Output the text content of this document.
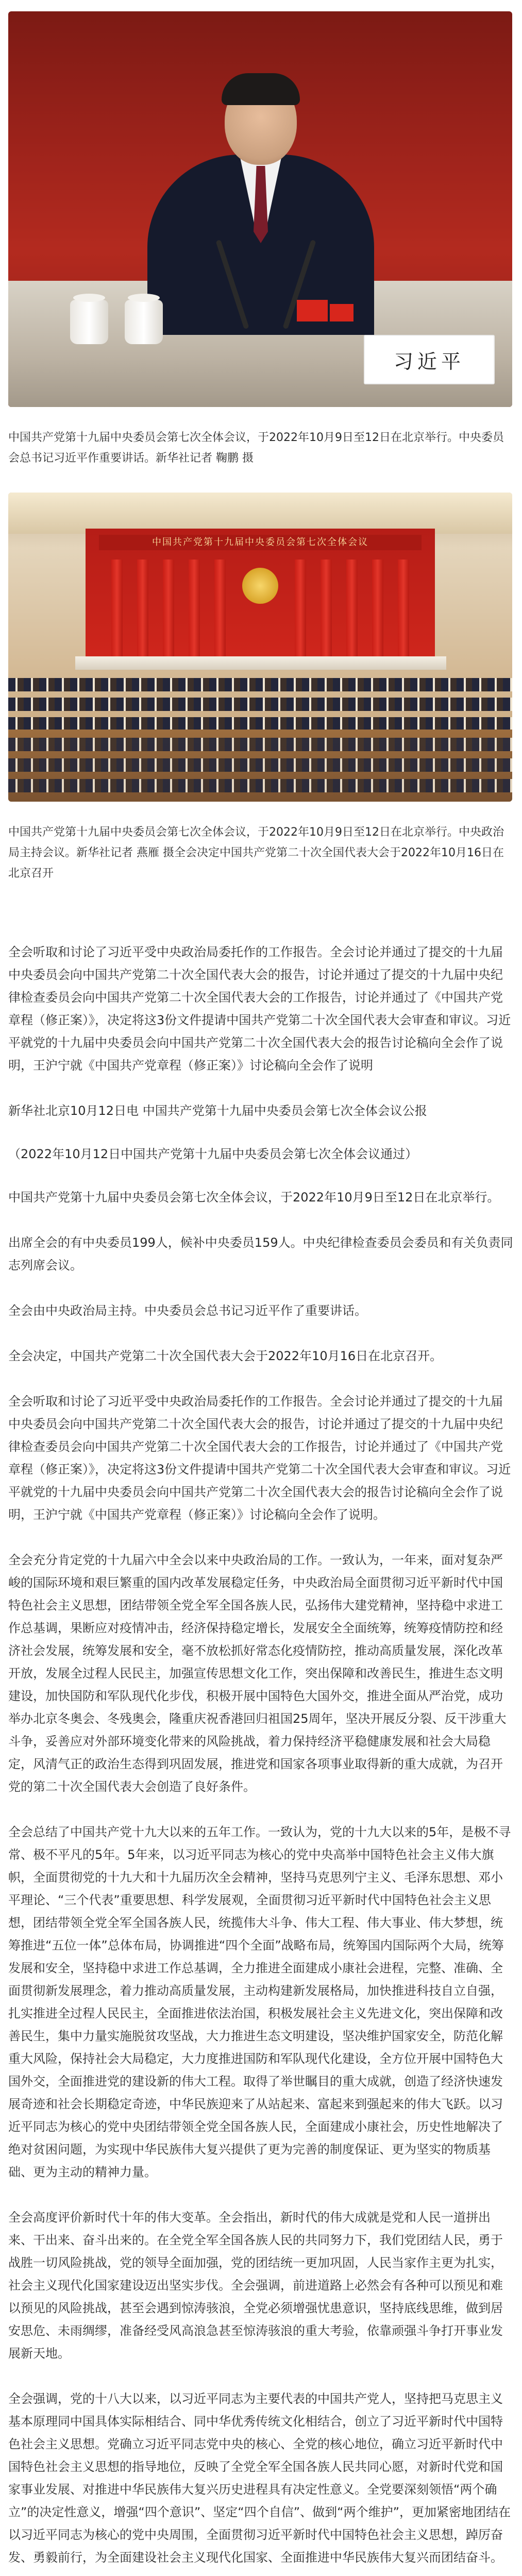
习近平

中国共产党第十九届中央委员会第七次全体会议，于2022年10月9日至12日在北京举行。中央委员会总书记习近平作重要讲话。新华社记者 鞠鹏 摄

中国共产党第十九届中央委员会第七次全体会议

中国共产党第十九届中央委员会第七次全体会议，于2022年10月9日至12日在北京举行。中央政治局主持会议。新华社记者 燕雁 摄全会决定中国共产党第二十次全国代表大会于2022年10月16日在北京召开

全会听取和讨论了习近平受中央政治局委托作的工作报告。全会讨论并通过了提交的十九届中央委员会向中国共产党第二十次全国代表大会的报告，讨论并通过了提交的十九届中央纪律检查委员会向中国共产党第二十次全国代表大会的工作报告，讨论并通过了《中国共产党章程（修正案）》，决定将这3份文件提请中国共产党第二十次全国代表大会审查和审议。习近平就党的十九届中央委员会向中国共产党第二十次全国代表大会的报告讨论稿向全会作了说明，王沪宁就《中国共产党章程（修正案）》讨论稿向全会作了说明

新华社北京10月12日电 中国共产党第十九届中央委员会第七次全体会议公报

（2022年10月12日中国共产党第十九届中央委员会第七次全体会议通过）

中国共产党第十九届中央委员会第七次全体会议，于2022年10月9日至12日在北京举行。

出席全会的有中央委员199人，候补中央委员159人。中央纪律检查委员会委员和有关负责同志列席会议。

全会由中央政治局主持。中央委员会总书记习近平作了重要讲话。

全会决定，中国共产党第二十次全国代表大会于2022年10月16日在北京召开。

全会听取和讨论了习近平受中央政治局委托作的工作报告。全会讨论并通过了提交的十九届中央委员会向中国共产党第二十次全国代表大会的报告，讨论并通过了提交的十九届中央纪律检查委员会向中国共产党第二十次全国代表大会的工作报告，讨论并通过了《中国共产党章程（修正案）》，决定将这3份文件提请中国共产党第二十次全国代表大会审查和审议。习近平就党的十九届中央委员会向中国共产党第二十次全国代表大会的报告讨论稿向全会作了说明，王沪宁就《中国共产党章程（修正案）》讨论稿向全会作了说明。

全会充分肯定党的十九届六中全会以来中央政治局的工作。一致认为，一年来，面对复杂严峻的国际环境和艰巨繁重的国内改革发展稳定任务，中央政治局全面贯彻习近平新时代中国特色社会主义思想，团结带领全党全军全国各族人民，弘扬伟大建党精神，坚持稳中求进工作总基调，果断应对疫情冲击，经济保持稳定增长，发展安全全面统筹，统筹疫情防控和经济社会发展，统筹发展和安全，毫不放松抓好常态化疫情防控，推动高质量发展，深化改革开放，发展全过程人民民主，加强宣传思想文化工作，突出保障和改善民生，推进生态文明建设，加快国防和军队现代化步伐，积极开展中国特色大国外交，推进全面从严治党，成功举办北京冬奥会、冬残奥会，隆重庆祝香港回归祖国25周年，坚决开展反分裂、反干涉重大斗争，妥善应对外部环境变化带来的风险挑战，着力保持经济平稳健康发展和社会大局稳定，风清气正的政治生态得到巩固发展，推进党和国家各项事业取得新的重大成就，为召开党的第二十次全国代表大会创造了良好条件。

全会总结了中国共产党十九大以来的五年工作。一致认为，党的十九大以来的5年，是极不寻常、极不平凡的5年。5年来，以习近平同志为核心的党中央高举中国特色社会主义伟大旗帜，全面贯彻党的十九大和十九届历次全会精神，坚持马克思列宁主义、毛泽东思想、邓小平理论、“三个代表”重要思想、科学发展观，全面贯彻习近平新时代中国特色社会主义思想，团结带领全党全军全国各族人民，统揽伟大斗争、伟大工程、伟大事业、伟大梦想，统筹推进“五位一体”总体布局，协调推进“四个全面”战略布局，统筹国内国际两个大局，统筹发展和安全，坚持稳中求进工作总基调，全力推进全面建成小康社会进程，完整、准确、全面贯彻新发展理念，着力推动高质量发展，主动构建新发展格局，加快推进科技自立自强，扎实推进全过程人民民主，全面推进依法治国，积极发展社会主义先进文化，突出保障和改善民生，集中力量实施脱贫攻坚战，大力推进生态文明建设，坚决维护国家安全，防范化解重大风险，保持社会大局稳定，大力度推进国防和军队现代化建设，全方位开展中国特色大国外交，全面推进党的建设新的伟大工程。取得了举世瞩目的重大成就，创造了经济快速发展奇迹和社会长期稳定奇迹，中华民族迎来了从站起来、富起来到强起来的伟大飞跃。以习近平同志为核心的党中央团结带领全党全国各族人民，全面建成小康社会，历史性地解决了绝对贫困问题，为实现中华民族伟大复兴提供了更为完善的制度保证、更为坚实的物质基础、更为主动的精神力量。

全会高度评价新时代十年的伟大变革。全会指出，新时代的伟大成就是党和人民一道拼出来、干出来、奋斗出来的。在全党全军全国各族人民的共同努力下，我们党团结人民，勇于战胜一切风险挑战，党的领导全面加强，党的团结统一更加巩固，人民当家作主更为扎实，社会主义现代化国家建设迈出坚实步伐。全会强调，前进道路上必然会有各种可以预见和难以预见的风险挑战，甚至会遇到惊涛骇浪，全党必须增强忧患意识，坚持底线思维，做到居安思危、未雨绸缪，准备经受风高浪急甚至惊涛骇浪的重大考验，依靠顽强斗争打开事业发展新天地。

全会强调，党的十八大以来，以习近平同志为主要代表的中国共产党人，坚持把马克思主义基本原理同中国具体实际相结合、同中华优秀传统文化相结合，创立了习近平新时代中国特色社会主义思想。党确立习近平同志党中央的核心、全党的核心地位，确立习近平新时代中国特色社会主义思想的指导地位，反映了全党全军全国各族人民共同心愿，对新时代党和国家事业发展、对推进中华民族伟大复兴历史进程具有决定性意义。全党要深刻领悟“两个确立”的决定性意义，增强“四个意识”、坚定“四个自信”、做到“两个维护”，更加紧密地团结在以习近平同志为核心的党中央周围，全面贯彻习近平新时代中国特色社会主义思想，踔厉奋发、勇毅前行，为全面建设社会主义现代化国家、全面推进中华民族伟大复兴而团结奋斗。
